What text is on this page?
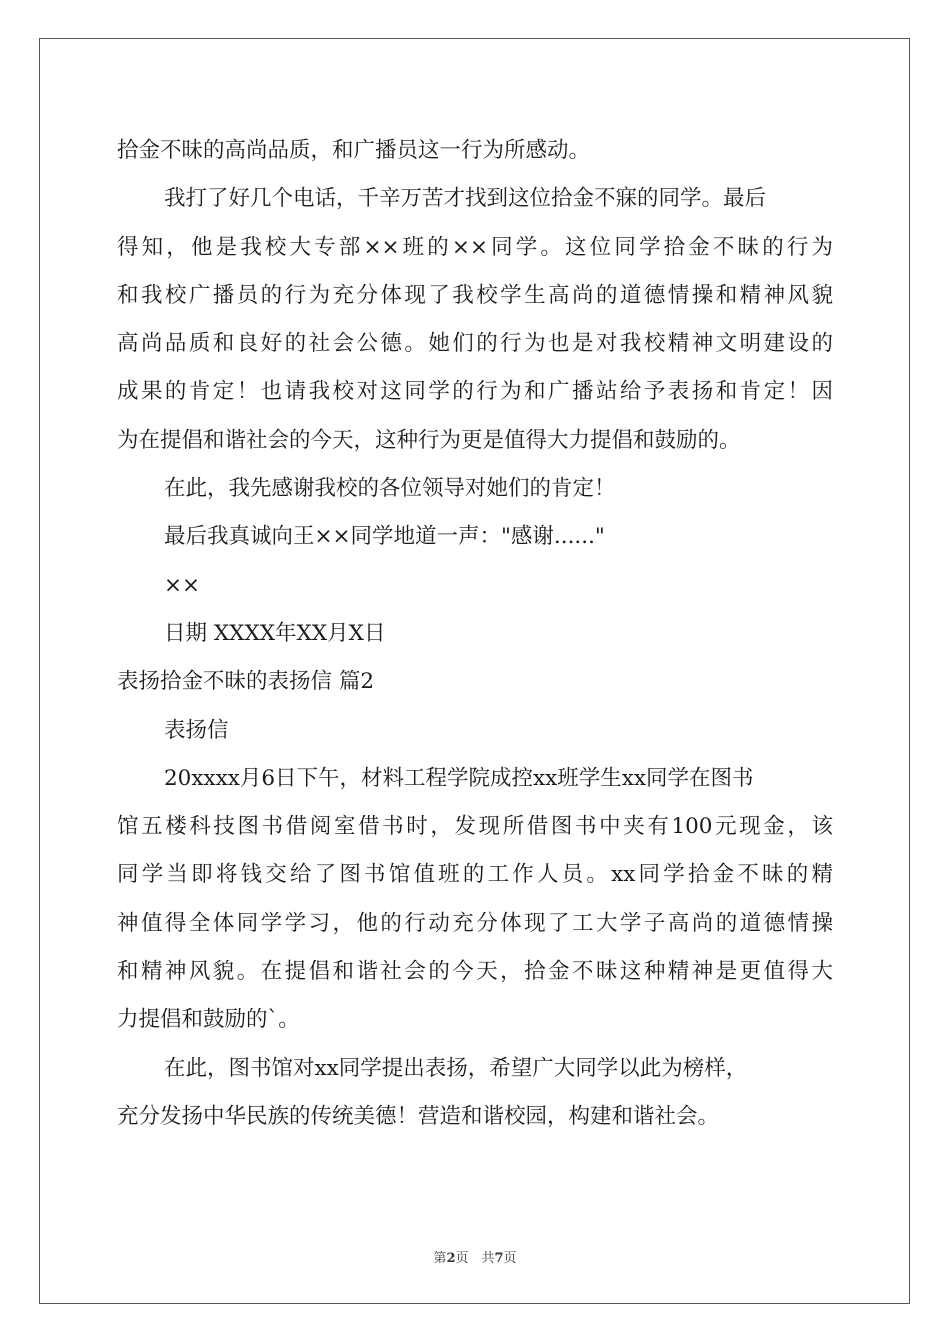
拾金不昧的高尚品质，和广播员这一行为所感动。
我打了好几个电话，千辛万苦才找到这位拾金不寐的同学。最后
得知，他是我校大专部××班的××同学。这位同学拾金不昧的行为
和我校广播员的行为充分体现了我校学生高尚的道德情操和精神风貌
高尚品质和良好的社会公德。她们的行为也是对我校精神文明建设的
成果的肯定！也请我校对这同学的行为和广播站给予表扬和肯定！因
为在提倡和谐社会的今天，这种行为更是值得大力提倡和鼓励的。
在此，我先感谢我校的各位领导对她们的肯定！
最后我真诚向王××同学地道一声："感谢......"
××
日期 XXXX年XX月X日
表扬拾金不昧的表扬信 篇2
表扬信
20xxxx月6日下午，材料工程学院成控xx班学生xx同学在图书
馆五楼科技图书借阅室借书时，发现所借图书中夹有100元现金，该
同学当即将钱交给了图书馆值班的工作人员。xx同学拾金不昧的精
神值得全体同学学习，他的行动充分体现了工大学子高尚的道德情操
和精神风貌。在提倡和谐社会的今天，拾金不昧这种精神是更值得大
力提倡和鼓励的`。
在此，图书馆对xx同学提出表扬，希望广大同学以此为榜样，
充分发扬中华民族的传统美德！营造和谐校园，构建和谐社会。
第2页　共7页
